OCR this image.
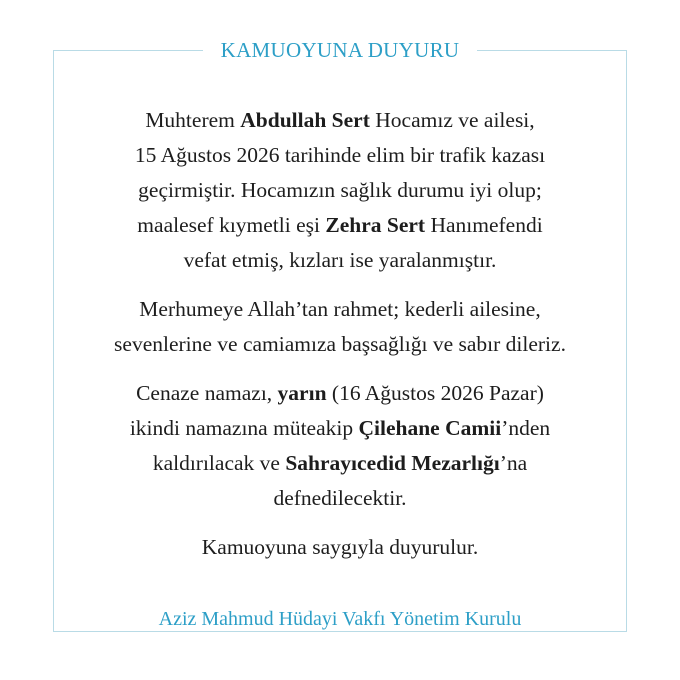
KAMUOYUNA DUYURU

Muhterem Abdullah Sert Hocamız ve ailesi,
15 Ağustos 2026 tarihinde elim bir trafik kazası
geçirmiştir. Hocamızın sağlık durumu iyi olup;
maalesef kıymetli eşi Zehra Sert Hanımefendi
vefat etmiş, kızları ise yaralanmıştır.

Merhumeye Allah’tan rahmet; kederli ailesine,
sevenlerine ve camiamıza başsağlığı ve sabır dileriz.

Cenaze namazı, yarın (16 Ağustos 2026 Pazar)
ikindi namazına müteakip Çilehane Camii’nden
kaldırılacak ve Sahrayıcedid Mezarlığı’na
defnedilecektir.

Kamuoyuna saygıyla duyurulur.

Aziz Mahmud Hüdayi Vakfı Yönetim Kurulu
